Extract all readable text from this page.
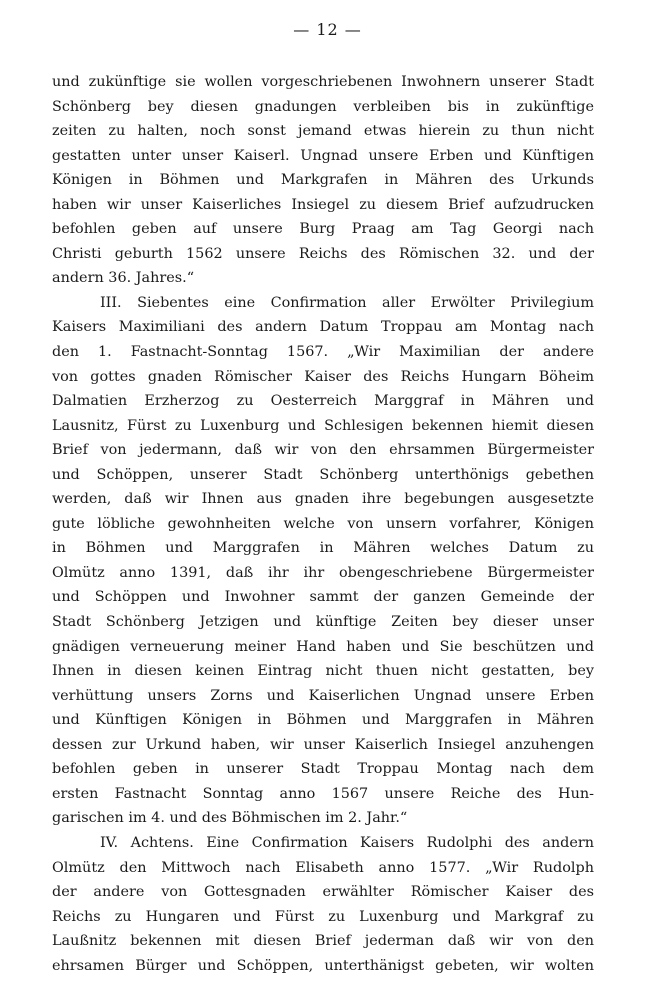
— 12 —
und zukünftige sie wollen vorgeschriebenen Inwohnern unserer Stadt
Schönberg bey diesen gnadungen verbleiben bis in zukünftige
zeiten zu halten, noch sonst jemand etwas hierein zu thun nicht
gestatten unter unser Kaiserl. Ungnad unsere Erben und Künftigen
Königen in Böhmen und Markgrafen in Mähren des Urkunds
haben wir unser Kaiserliches Insiegel zu diesem Brief aufzudrucken
befohlen geben auf unsere Burg Praag am Tag Georgi nach
Christi geburth 1562 unsere Reichs des Römischen 32. und der
andern 36. Jahres.“
III. Siebentes eine Confirmation aller Erwölter Privilegium
Kaisers Maximiliani des andern Datum Troppau am Montag nach
den 1. Fastnacht-Sonntag 1567. „Wir Maximilian der andere
von gottes gnaden Römischer Kaiser des Reichs Hungarn Böheim
Dalmatien Erzherzog zu Oesterreich Marggraf in Mähren und
Lausnitz, Fürst zu Luxenburg und Schlesigen bekennen hiemit diesen
Brief von jedermann, daß wir von den ehrsammen Bürgermeister
und Schöppen, unserer Stadt Schönberg unterthönigs gebethen
werden, daß wir Ihnen aus gnaden ihre begebungen ausgesetzte
gute löbliche gewohnheiten welche von unsern vorfahrer, Königen
in Böhmen und Marggrafen in Mähren welches Datum zu
Olmütz anno 1391, daß ihr ihr obengeschriebene Bürgermeister
und Schöppen und Inwohner sammt der ganzen Gemeinde der
Stadt Schönberg Jetzigen und künftige Zeiten bey dieser unser
gnädigen verneuerung meiner Hand haben und Sie beschützen und
Ihnen in diesen keinen Eintrag nicht thuen nicht gestatten, bey
verhüttung unsers Zorns und Kaiserlichen Ungnad unsere Erben
und Künftigen Königen in Böhmen und Marggrafen in Mähren
dessen zur Urkund haben, wir unser Kaiserlich Insiegel anzuhengen
befohlen geben in unserer Stadt Troppau Montag nach dem
ersten Fastnacht Sonntag anno 1567 unsere Reiche des Hun-
garischen im 4. und des Böhmischen im 2. Jahr.“
IV. Achtens. Eine Confirmation Kaisers Rudolphi des andern
Olmütz den Mittwoch nach Elisabeth anno 1577. „Wir Rudolph
der andere von Gottesgnaden erwählter Römischer Kaiser des
Reichs zu Hungaren und Fürst zu Luxenburg und Markgraf zu
Laußnitz bekennen mit diesen Brief jederman daß wir von den
ehrsamen Bürger und Schöppen, unterthänigst gebeten, wir wolten
